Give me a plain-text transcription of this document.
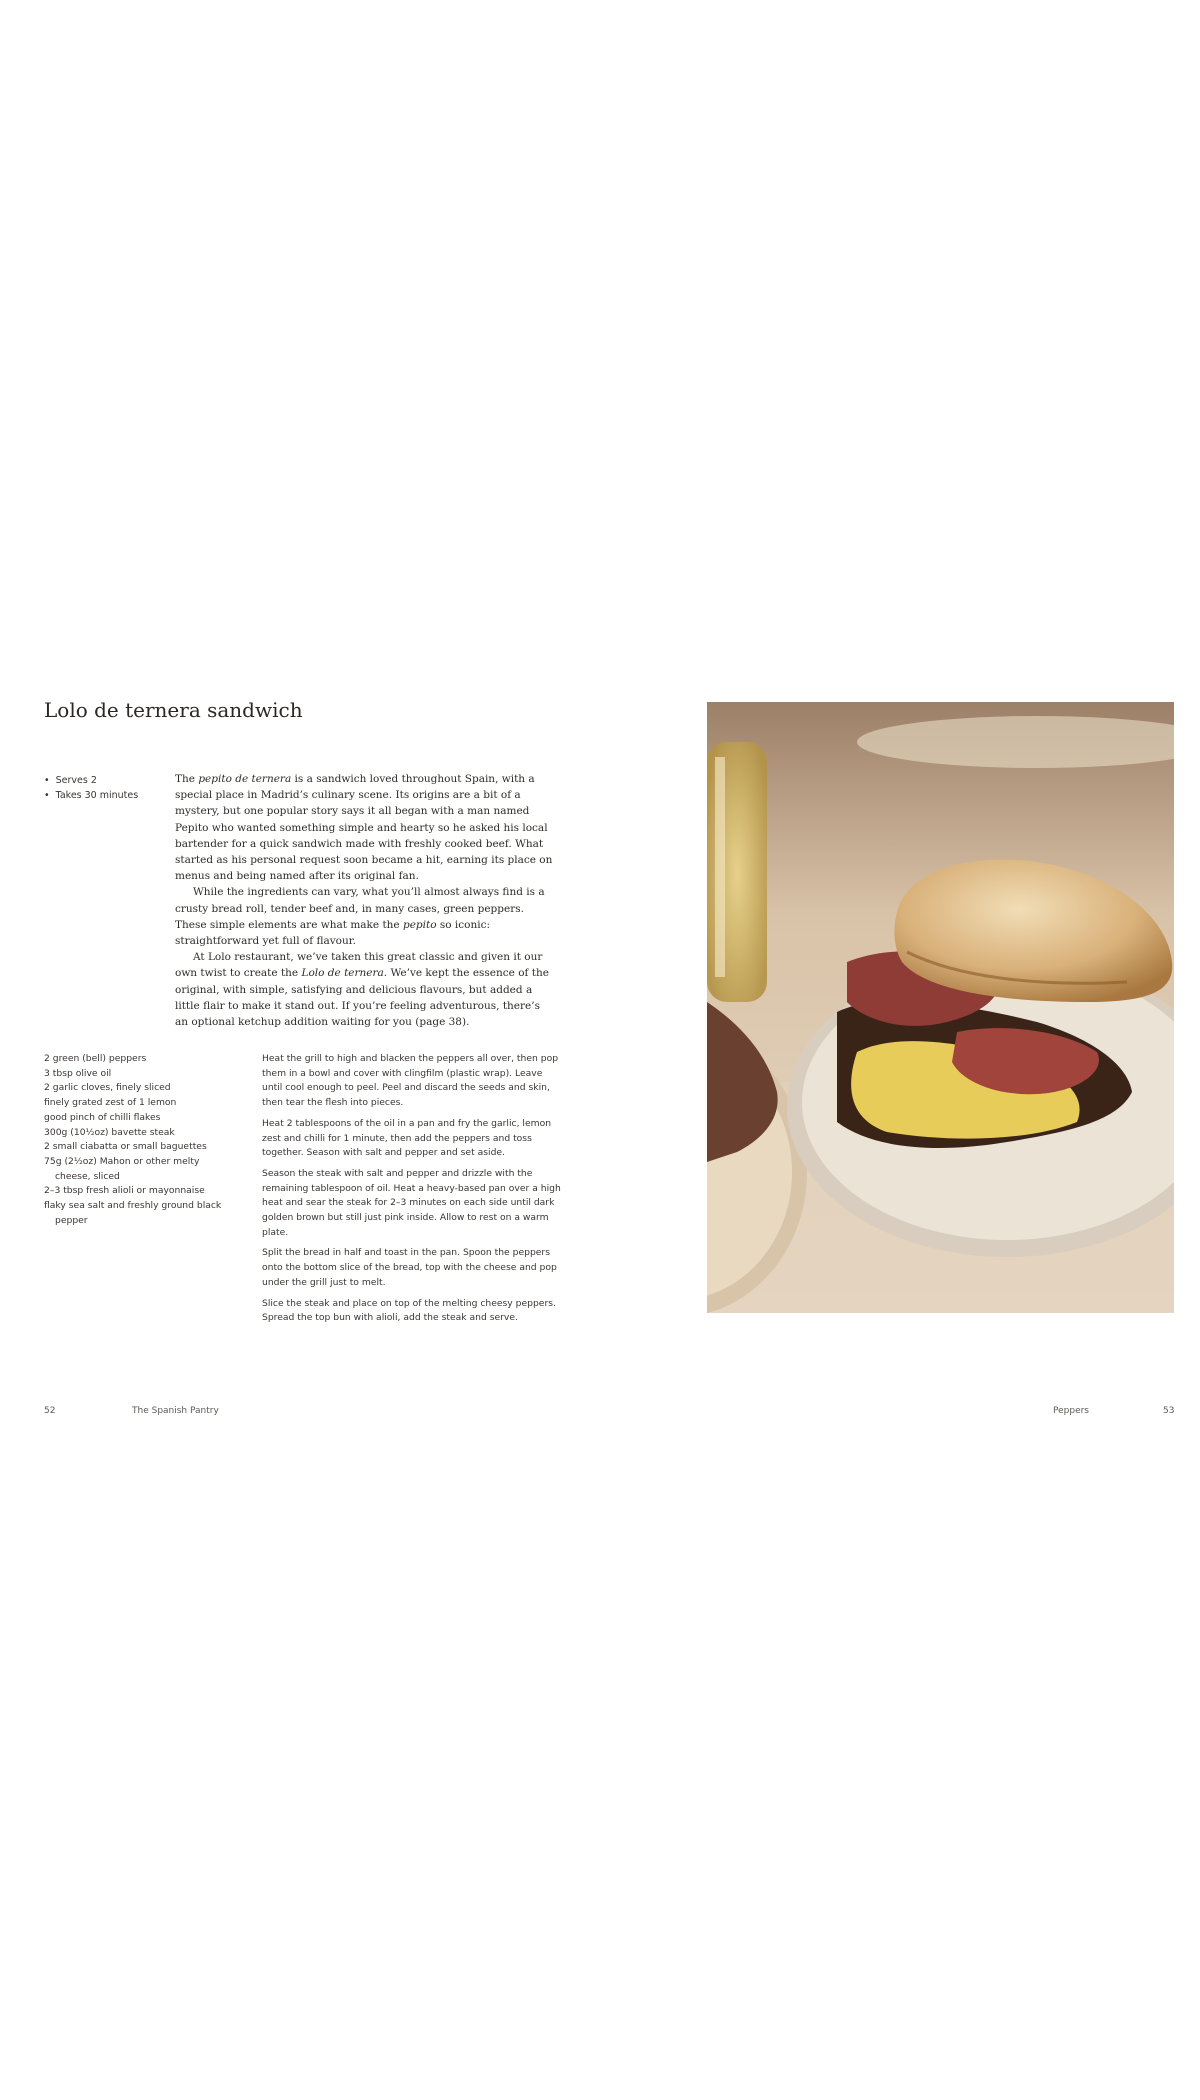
Lolo de ternera sandwich
• Serves 2
• Takes 30 minutes

The pepito de ternera is a sandwich loved throughout Spain, with a special place in Madrid’s culinary scene. Its origins are a bit of a mystery, but one popular story says it all began with a man named Pepito who wanted something simple and hearty so he asked his local bartender for a quick sandwich made with freshly cooked beef. What started as his personal request soon became a hit, earning its place on menus and being named after its original fan.

While the ingredients can vary, what you’ll almost always find is a crusty bread roll, tender beef and, in many cases, green peppers. These simple elements are what make the pepito so iconic: straightforward yet full of flavour.

At Lolo restaurant, we’ve taken this great classic and given it our own twist to create the Lolo de ternera. We’ve kept the essence of the original, with simple, satisfying and delicious flavours, but added a little flair to make it stand out. If you’re feeling adventurous, there’s an optional ketchup addition waiting for you (page 38).

2 green (bell) peppers
3 tbsp olive oil
2 garlic cloves, finely sliced
finely grated zest of 1 lemon
good pinch of chilli flakes
300g (10½oz) bavette steak
2 small ciabatta or small baguettes
75g (2½oz) Mahon or other melty cheese, sliced
2–3 tbsp fresh alioli or mayonnaise
flaky sea salt and freshly ground black pepper

Heat the grill to high and blacken the peppers all over, then pop them in a bowl and cover with clingfilm (plastic wrap). Leave until cool enough to peel. Peel and discard the seeds and skin, then tear the flesh into pieces.

Heat 2 tablespoons of the oil in a pan and fry the garlic, lemon zest and chilli for 1 minute, then add the peppers and toss together. Season with salt and pepper and set aside.

Season the steak with salt and pepper and drizzle with the remaining tablespoon of oil. Heat a heavy-based pan over a high heat and sear the steak for 2–3 minutes on each side until dark golden brown but still just pink inside. Allow to rest on a warm plate.

Split the bread in half and toast in the pan. Spoon the peppers onto the bottom slice of the bread, top with the cheese and pop under the grill just to melt.

Slice the steak and place on top of the melting cheesy peppers. Spread the top bun with alioli, add the steak and serve.

52	The Spanish Pantry	Peppers	53
